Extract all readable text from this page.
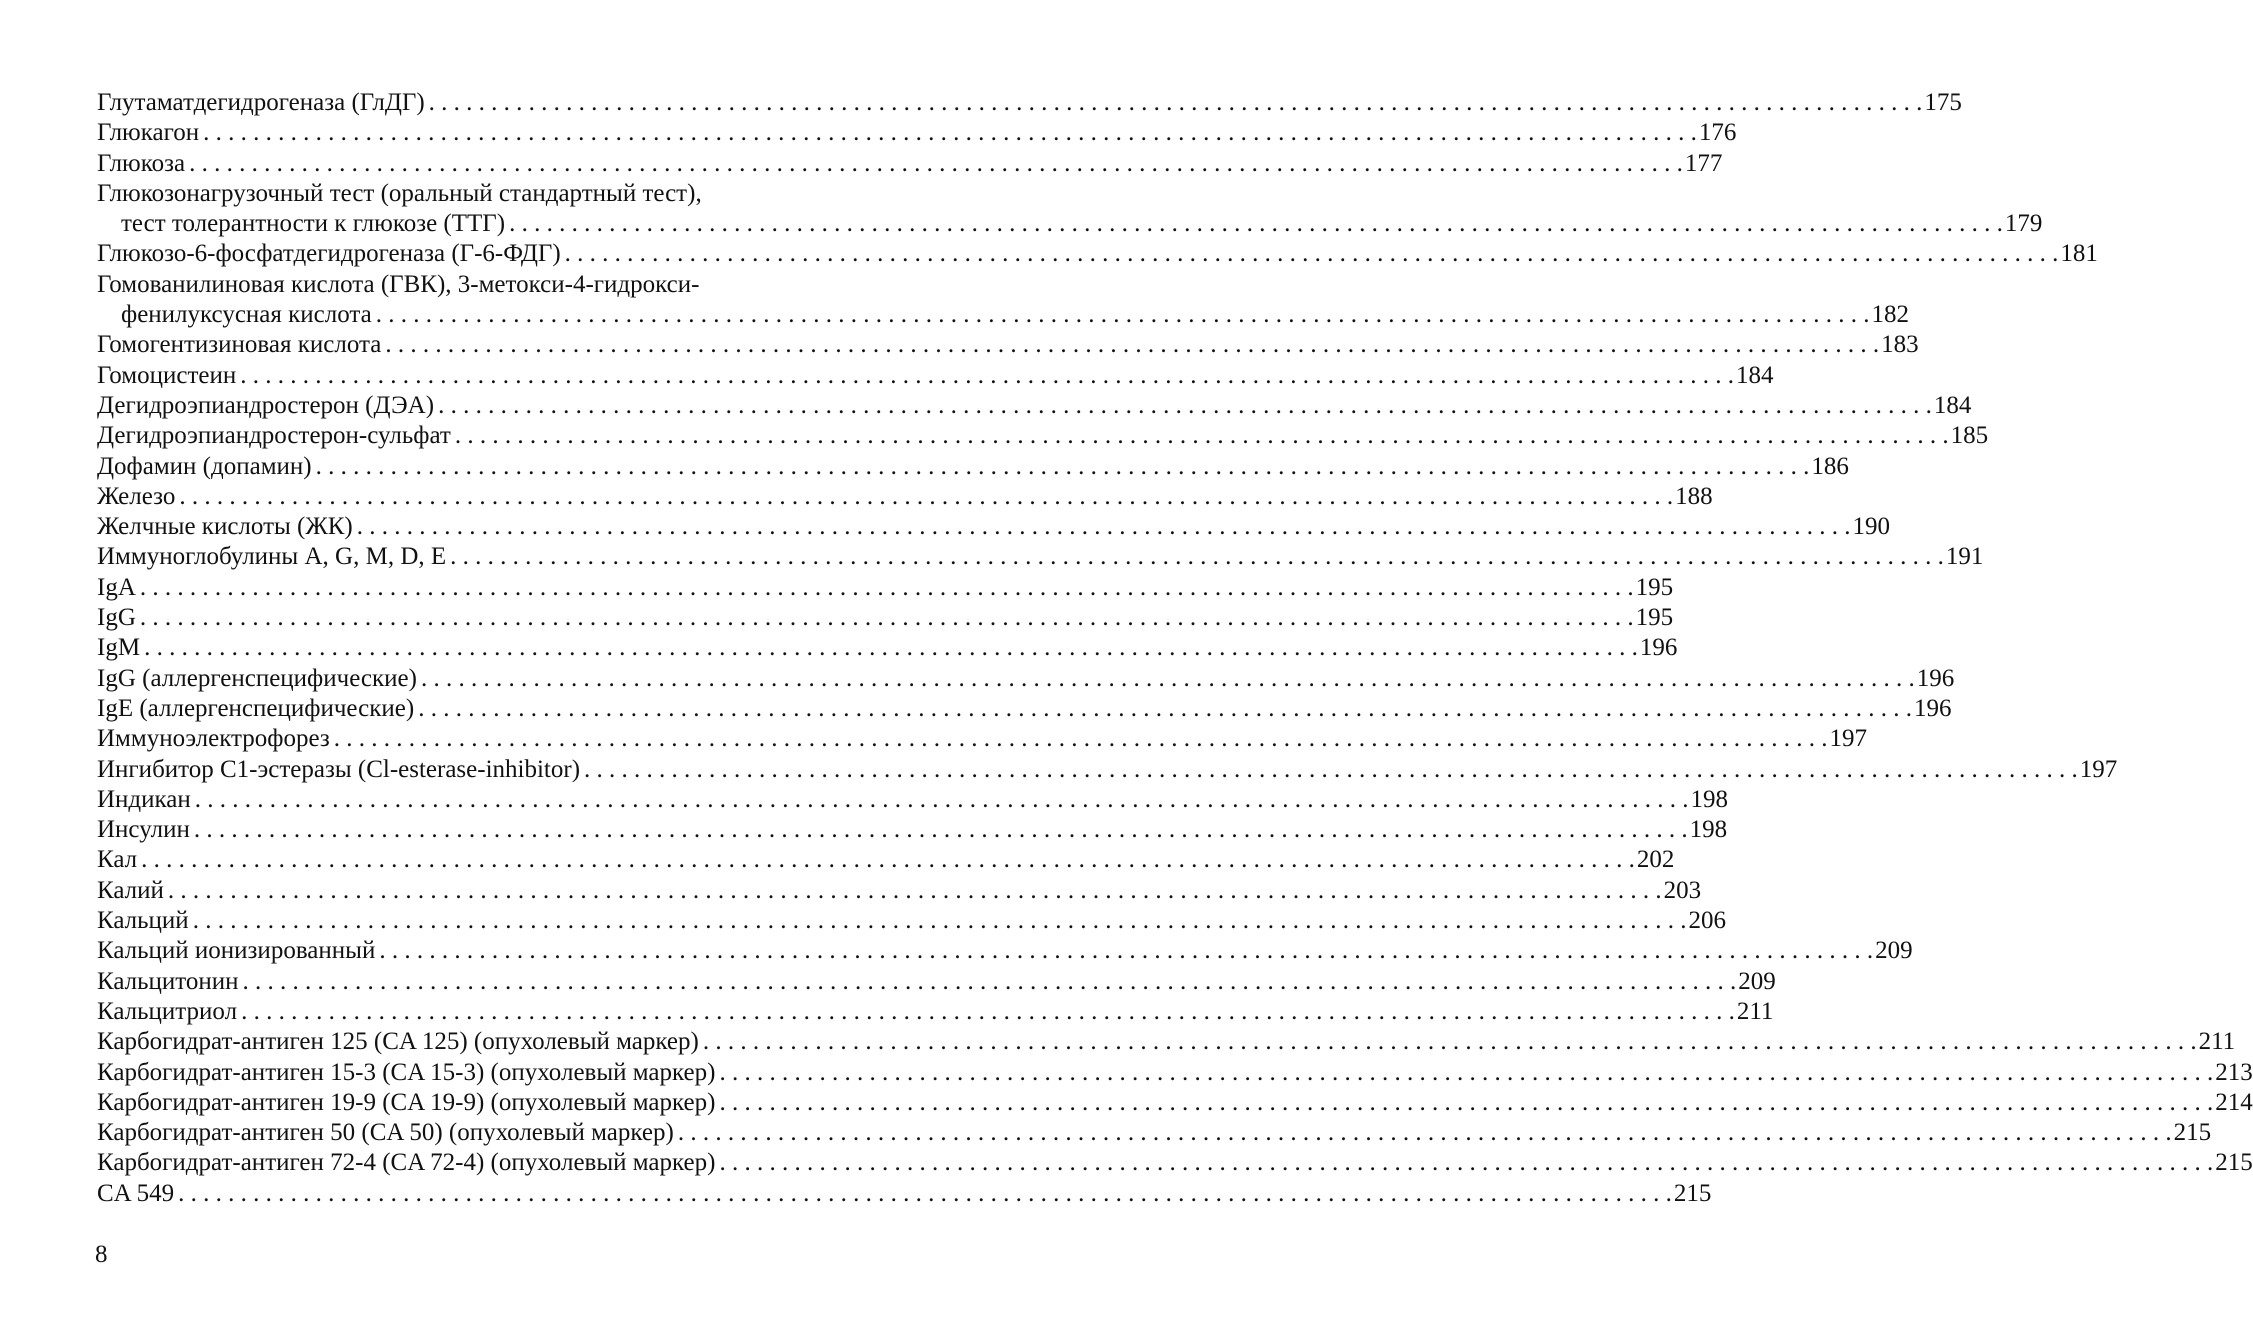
Глутаматдегидрогеназа (ГлДГ) . . . . . . . . . . . . . . . . . . . . . . . . . . . . . . . . . . . . . . . . . . . . . . . . . . . . . . . . . . . . . . . . . . . . . . . . . . . . . . . . . . . . . . . . . . . . . . . . . . . . . . . . . . . . . . . . . . . . . . . . 175
Глюкагон . . . . . . . . . . . . . . . . . . . . . . . . . . . . . . . . . . . . . . . . . . . . . . . . . . . . . . . . . . . . . . . . . . . . . . . . . . . . . . . . . . . . . . . . . . . . . . . . . . . . . . . . . . . . . . . . . . . . . . . . 176
Глюкоза . . . . . . . . . . . . . . . . . . . . . . . . . . . . . . . . . . . . . . . . . . . . . . . . . . . . . . . . . . . . . . . . . . . . . . . . . . . . . . . . . . . . . . . . . . . . . . . . . . . . . . . . . . . . . . . . . . . . . . . . 177
Глюкозонагрузочный тест (оральный стандартный тест),
тест толерантности к глюкозе (ТТГ) . . . . . . . . . . . . . . . . . . . . . . . . . . . . . . . . . . . . . . . . . . . . . . . . . . . . . . . . . . . . . . . . . . . . . . . . . . . . . . . . . . . . . . . . . . . . . . . . . . . . . . . . . . . . . . . . . . . . . . . . 179
Глюкозо-6-фосфатдегидрогеназа (Г-6-ФДГ) . . . . . . . . . . . . . . . . . . . . . . . . . . . . . . . . . . . . . . . . . . . . . . . . . . . . . . . . . . . . . . . . . . . . . . . . . . . . . . . . . . . . . . . . . . . . . . . . . . . . . . . . . . . . . . . . . . . . . . . . 181
Гомованилиновая кислота (ГВК), 3-метокси-4-гидрокси-
фенилуксусная кислота . . . . . . . . . . . . . . . . . . . . . . . . . . . . . . . . . . . . . . . . . . . . . . . . . . . . . . . . . . . . . . . . . . . . . . . . . . . . . . . . . . . . . . . . . . . . . . . . . . . . . . . . . . . . . . . . . . . . . . . . 182
Гомогентизиновая кислота . . . . . . . . . . . . . . . . . . . . . . . . . . . . . . . . . . . . . . . . . . . . . . . . . . . . . . . . . . . . . . . . . . . . . . . . . . . . . . . . . . . . . . . . . . . . . . . . . . . . . . . . . . . . . . . . . . . . . . . . 183
Гомоцистеин . . . . . . . . . . . . . . . . . . . . . . . . . . . . . . . . . . . . . . . . . . . . . . . . . . . . . . . . . . . . . . . . . . . . . . . . . . . . . . . . . . . . . . . . . . . . . . . . . . . . . . . . . . . . . . . . . . . . . . . . 184
Дегидроэпиандростерон (ДЭА) . . . . . . . . . . . . . . . . . . . . . . . . . . . . . . . . . . . . . . . . . . . . . . . . . . . . . . . . . . . . . . . . . . . . . . . . . . . . . . . . . . . . . . . . . . . . . . . . . . . . . . . . . . . . . . . . . . . . . . . . 184
Дегидроэпиандростерон-сульфат . . . . . . . . . . . . . . . . . . . . . . . . . . . . . . . . . . . . . . . . . . . . . . . . . . . . . . . . . . . . . . . . . . . . . . . . . . . . . . . . . . . . . . . . . . . . . . . . . . . . . . . . . . . . . . . . . . . . . . . . 185
Дофамин (допамин) . . . . . . . . . . . . . . . . . . . . . . . . . . . . . . . . . . . . . . . . . . . . . . . . . . . . . . . . . . . . . . . . . . . . . . . . . . . . . . . . . . . . . . . . . . . . . . . . . . . . . . . . . . . . . . . . . . . . . . . . 186
Железо . . . . . . . . . . . . . . . . . . . . . . . . . . . . . . . . . . . . . . . . . . . . . . . . . . . . . . . . . . . . . . . . . . . . . . . . . . . . . . . . . . . . . . . . . . . . . . . . . . . . . . . . . . . . . . . . . . . . . . . . 188
Желчные кислоты (ЖК) . . . . . . . . . . . . . . . . . . . . . . . . . . . . . . . . . . . . . . . . . . . . . . . . . . . . . . . . . . . . . . . . . . . . . . . . . . . . . . . . . . . . . . . . . . . . . . . . . . . . . . . . . . . . . . . . . . . . . . . . 190
Иммуноглобулины A, G, M, D, E . . . . . . . . . . . . . . . . . . . . . . . . . . . . . . . . . . . . . . . . . . . . . . . . . . . . . . . . . . . . . . . . . . . . . . . . . . . . . . . . . . . . . . . . . . . . . . . . . . . . . . . . . . . . . . . . . . . . . . . . 191
IgA . . . . . . . . . . . . . . . . . . . . . . . . . . . . . . . . . . . . . . . . . . . . . . . . . . . . . . . . . . . . . . . . . . . . . . . . . . . . . . . . . . . . . . . . . . . . . . . . . . . . . . . . . . . . . . . . . . . . . . . . 195
IgG . . . . . . . . . . . . . . . . . . . . . . . . . . . . . . . . . . . . . . . . . . . . . . . . . . . . . . . . . . . . . . . . . . . . . . . . . . . . . . . . . . . . . . . . . . . . . . . . . . . . . . . . . . . . . . . . . . . . . . . . 195
IgM . . . . . . . . . . . . . . . . . . . . . . . . . . . . . . . . . . . . . . . . . . . . . . . . . . . . . . . . . . . . . . . . . . . . . . . . . . . . . . . . . . . . . . . . . . . . . . . . . . . . . . . . . . . . . . . . . . . . . . . . 196
IgG (аллергенспецифические) . . . . . . . . . . . . . . . . . . . . . . . . . . . . . . . . . . . . . . . . . . . . . . . . . . . . . . . . . . . . . . . . . . . . . . . . . . . . . . . . . . . . . . . . . . . . . . . . . . . . . . . . . . . . . . . . . . . . . . . . 196
IgE (аллергенспецифические) . . . . . . . . . . . . . . . . . . . . . . . . . . . . . . . . . . . . . . . . . . . . . . . . . . . . . . . . . . . . . . . . . . . . . . . . . . . . . . . . . . . . . . . . . . . . . . . . . . . . . . . . . . . . . . . . . . . . . . . . 196
Иммуноэлектрофорез . . . . . . . . . . . . . . . . . . . . . . . . . . . . . . . . . . . . . . . . . . . . . . . . . . . . . . . . . . . . . . . . . . . . . . . . . . . . . . . . . . . . . . . . . . . . . . . . . . . . . . . . . . . . . . . . . . . . . . . . 197
Ингибитор C1-эстеразы (Cl-esterase-inhibitor) . . . . . . . . . . . . . . . . . . . . . . . . . . . . . . . . . . . . . . . . . . . . . . . . . . . . . . . . . . . . . . . . . . . . . . . . . . . . . . . . . . . . . . . . . . . . . . . . . . . . . . . . . . . . . . . . . . . . . . . . 197
Индикан . . . . . . . . . . . . . . . . . . . . . . . . . . . . . . . . . . . . . . . . . . . . . . . . . . . . . . . . . . . . . . . . . . . . . . . . . . . . . . . . . . . . . . . . . . . . . . . . . . . . . . . . . . . . . . . . . . . . . . . . 198
Инсулин . . . . . . . . . . . . . . . . . . . . . . . . . . . . . . . . . . . . . . . . . . . . . . . . . . . . . . . . . . . . . . . . . . . . . . . . . . . . . . . . . . . . . . . . . . . . . . . . . . . . . . . . . . . . . . . . . . . . . . . . 198
Кал . . . . . . . . . . . . . . . . . . . . . . . . . . . . . . . . . . . . . . . . . . . . . . . . . . . . . . . . . . . . . . . . . . . . . . . . . . . . . . . . . . . . . . . . . . . . . . . . . . . . . . . . . . . . . . . . . . . . . . . . 202
Калий . . . . . . . . . . . . . . . . . . . . . . . . . . . . . . . . . . . . . . . . . . . . . . . . . . . . . . . . . . . . . . . . . . . . . . . . . . . . . . . . . . . . . . . . . . . . . . . . . . . . . . . . . . . . . . . . . . . . . . . . 203
Кальций . . . . . . . . . . . . . . . . . . . . . . . . . . . . . . . . . . . . . . . . . . . . . . . . . . . . . . . . . . . . . . . . . . . . . . . . . . . . . . . . . . . . . . . . . . . . . . . . . . . . . . . . . . . . . . . . . . . . . . . . 206
Кальций ионизированный . . . . . . . . . . . . . . . . . . . . . . . . . . . . . . . . . . . . . . . . . . . . . . . . . . . . . . . . . . . . . . . . . . . . . . . . . . . . . . . . . . . . . . . . . . . . . . . . . . . . . . . . . . . . . . . . . . . . . . . . 209
Кальцитонин . . . . . . . . . . . . . . . . . . . . . . . . . . . . . . . . . . . . . . . . . . . . . . . . . . . . . . . . . . . . . . . . . . . . . . . . . . . . . . . . . . . . . . . . . . . . . . . . . . . . . . . . . . . . . . . . . . . . . . . . 209
Кальцитриол . . . . . . . . . . . . . . . . . . . . . . . . . . . . . . . . . . . . . . . . . . . . . . . . . . . . . . . . . . . . . . . . . . . . . . . . . . . . . . . . . . . . . . . . . . . . . . . . . . . . . . . . . . . . . . . . . . . . . . . . 211
Карбогидрат-антиген 125 (CA 125) (опухолевый маркер) . . . . . . . . . . . . . . . . . . . . . . . . . . . . . . . . . . . . . . . . . . . . . . . . . . . . . . . . . . . . . . . . . . . . . . . . . . . . . . . . . . . . . . . . . . . . . . . . . . . . . . . . . . . . . . . . . . . . . . . . 211
Карбогидрат-антиген 15-3 (CA 15-3) (опухолевый маркер) . . . . . . . . . . . . . . . . . . . . . . . . . . . . . . . . . . . . . . . . . . . . . . . . . . . . . . . . . . . . . . . . . . . . . . . . . . . . . . . . . . . . . . . . . . . . . . . . . . . . . . . . . . . . . . . . . . . . . . . . 213
Карбогидрат-антиген 19-9 (CA 19-9) (опухолевый маркер) . . . . . . . . . . . . . . . . . . . . . . . . . . . . . . . . . . . . . . . . . . . . . . . . . . . . . . . . . . . . . . . . . . . . . . . . . . . . . . . . . . . . . . . . . . . . . . . . . . . . . . . . . . . . . . . . . . . . . . . . 214
Карбогидрат-антиген 50 (CA 50) (опухолевый маркер) . . . . . . . . . . . . . . . . . . . . . . . . . . . . . . . . . . . . . . . . . . . . . . . . . . . . . . . . . . . . . . . . . . . . . . . . . . . . . . . . . . . . . . . . . . . . . . . . . . . . . . . . . . . . . . . . . . . . . . . . 215
Карбогидрат-антиген 72-4 (CA 72-4) (опухолевый маркер) . . . . . . . . . . . . . . . . . . . . . . . . . . . . . . . . . . . . . . . . . . . . . . . . . . . . . . . . . . . . . . . . . . . . . . . . . . . . . . . . . . . . . . . . . . . . . . . . . . . . . . . . . . . . . . . . . . . . . . . . 215
CA 549 . . . . . . . . . . . . . . . . . . . . . . . . . . . . . . . . . . . . . . . . . . . . . . . . . . . . . . . . . . . . . . . . . . . . . . . . . . . . . . . . . . . . . . . . . . . . . . . . . . . . . . . . . . . . . . . . . . . . . . . . 215
8
